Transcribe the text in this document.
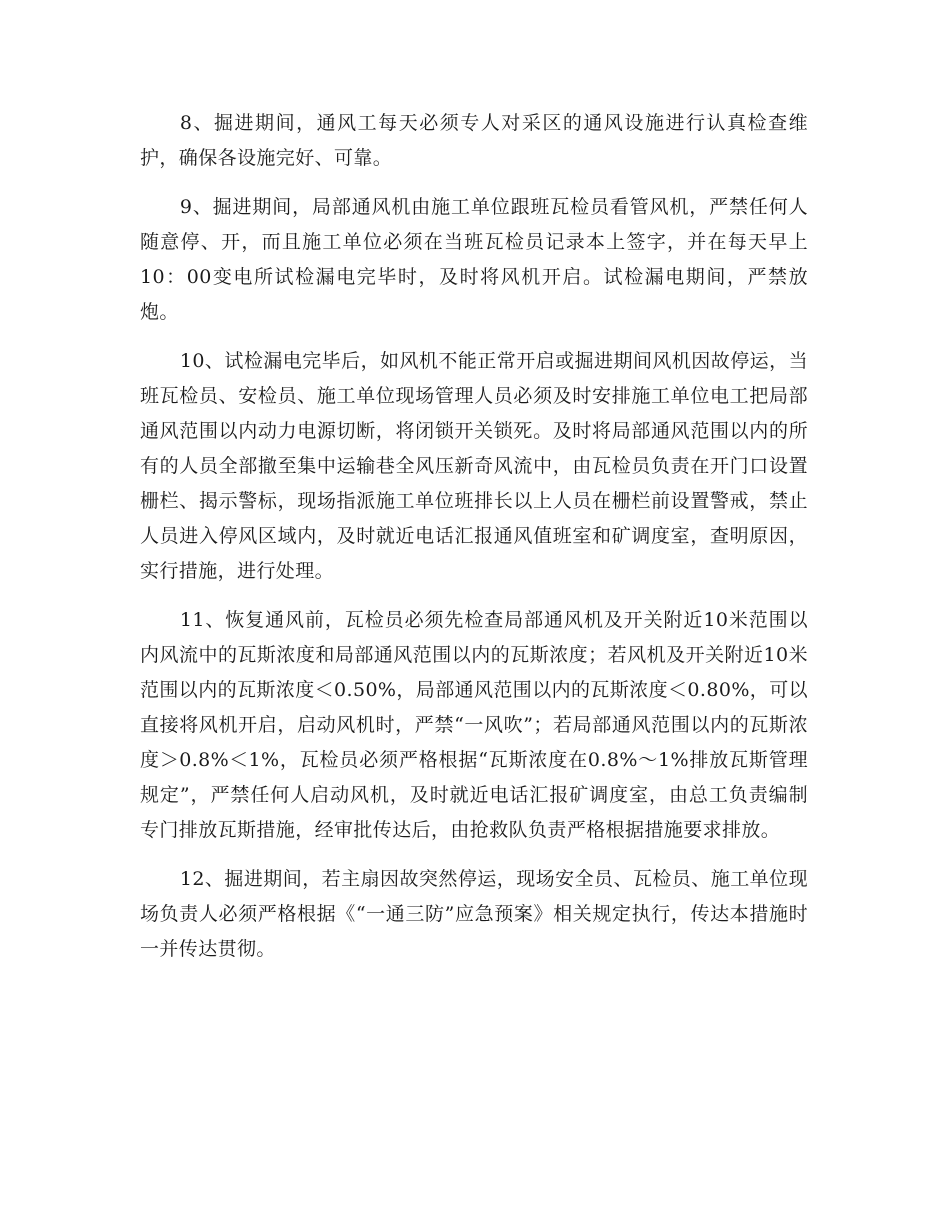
8、掘进期间，通风工每天必须专人对采区的通风设施进行认真检查维护，确保各设施完好、可靠。

9、掘进期间，局部通风机由施工单位跟班瓦检员看管风机，严禁任何人随意停、开，而且施工单位必须在当班瓦检员记录本上签字，并在每天早上10：00变电所试检漏电完毕时，及时将风机开启。试检漏电期间，严禁放炮。

10、试检漏电完毕后，如风机不能正常开启或掘进期间风机因故停运，当班瓦检员、安检员、施工单位现场管理人员必须及时安排施工单位电工把局部通风范围以内动力电源切断，将闭锁开关锁死。及时将局部通风范围以内的所有的人员全部撤至集中运输巷全风压新奇风流中，由瓦检员负责在开门口设置栅栏、揭示警标，现场指派施工单位班排长以上人员在栅栏前设置警戒，禁止人员进入停风区域内，及时就近电话汇报通风值班室和矿调度室，查明原因，实行措施，进行处理。

11、恢复通风前，瓦检员必须先检查局部通风机及开关附近10米范围以内风流中的瓦斯浓度和局部通风范围以内的瓦斯浓度；若风机及开关附近10米范围以内的瓦斯浓度＜0.50%，局部通风范围以内的瓦斯浓度＜0.80%，可以直接将风机开启，启动风机时，严禁“一风吹”；若局部通风范围以内的瓦斯浓度＞0.8%＜1%，瓦检员必须严格根据“瓦斯浓度在0.8%～1%排放瓦斯管理规定”，严禁任何人启动风机，及时就近电话汇报矿调度室，由总工负责编制专门排放瓦斯措施，经审批传达后，由抢救队负责严格根据措施要求排放。

12、掘进期间，若主扇因故突然停运，现场安全员、瓦检员、施工单位现场负责人必须严格根据《“一通三防”应急预案》相关规定执行，传达本措施时一并传达贯彻。
